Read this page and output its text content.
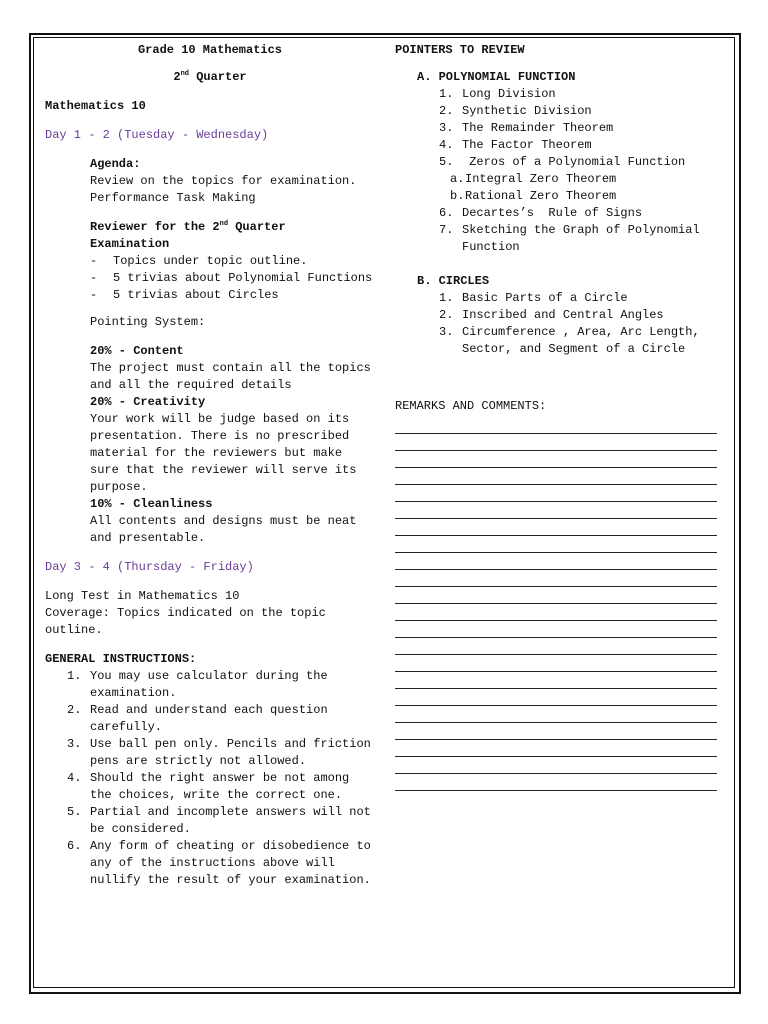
Grade 10 Mathematics

2nd Quarter

Mathematics 10

Day 1 - 2 (Tuesday - Wednesday)

Agenda:

Review on the topics for examination.

Performance Task Making

Reviewer for the 2nd Quarter

Examination

- Topics under topic outline.
- 5 trivias about Polynomial Functions
- 5 trivias about Circles

Pointing System:

20% - Content

The project must contain all the topics and all the required details

20% - Creativity

Your work will be judge based on its presentation. There is no prescribed material for the reviewers but make sure that the reviewer will serve its purpose.

10% - Cleanliness

All contents and designs must be neat and presentable.

Day 3 - 4 (Thursday - Friday)

Long Test in Mathematics 10

Coverage: Topics indicated on the topic outline.

GENERAL INSTRUCTIONS:

1. You may use calculator during the examination.
2. Read and understand each question carefully.
3. Use ball pen only. Pencils and friction pens are strictly not allowed.
4. Should the right answer be not among the choices, write the correct one.
5. Partial and incomplete answers will not be considered.
6. Any form of cheating or disobedience to any of the instructions above will nullify the result of your examination.

POINTERS TO REVIEW

A. POLYNOMIAL FUNCTION

1. Long Division
2. Synthetic Division
3. The Remainder Theorem
4. The Factor Theorem
5. Zeros of a Polynomial Function
a. Integral Zero Theorem
b. Rational Zero Theorem
6. Decartes’s  Rule of Signs
7. Sketching the Graph of Polynomial Function

B. CIRCLES

1. Basic Parts of a Circle
2. Inscribed and Central Angles
3. Circumference , Area, Arc Length, Sector, and Segment of a Circle

REMARKS AND COMMENTS:
